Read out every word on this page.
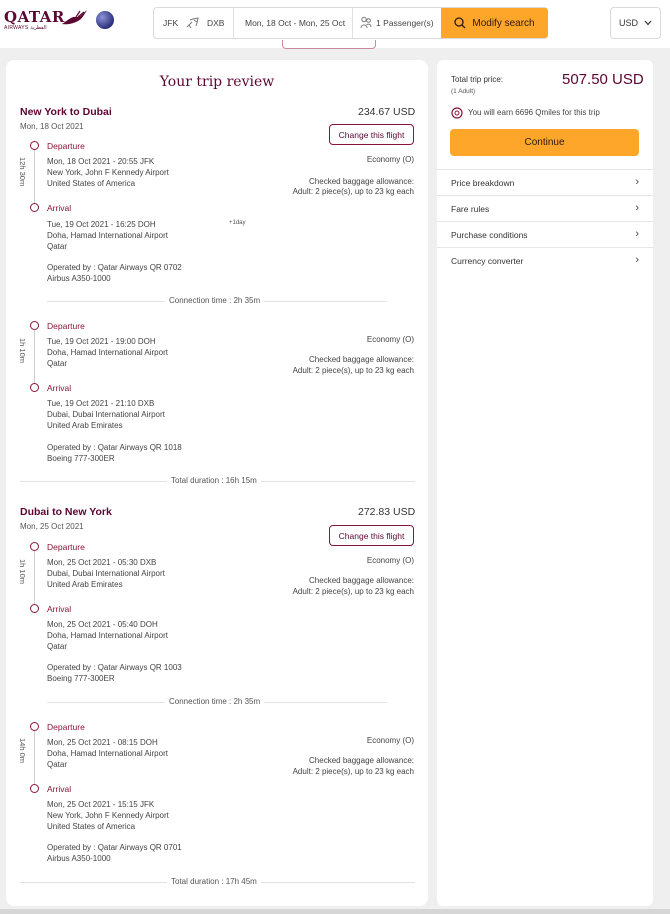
QATAR
AIRWAYS القطرية	JFK	DXB Mon, 18 Oct - Mon, 25 Oct	1 Passenger(s)	Modify search	USD
Your trip review
New York to Dubai
Mon, 18 Oct 2021
234.67 USD
Change this flight
12h 30m
Departure
Mon, 18 Oct 2021 - 20:55 JFK
New York, John F Kennedy Airport
United States of America
Economy (O)
Checked baggage allowance:
Adult: 2 piece(s), up to 23 kg each
Arrival
Tue, 19 Oct 2021 - 16:25 DOH	+1day
Doha, Hamad International Airport
Qatar
Operated by : Qatar Airways QR 0702
Airbus A350-1000
Connection time : 2h 35m
1h 10m
Departure
Tue, 19 Oct 2021 - 19:00 DOH
Doha, Hamad International Airport
Qatar
Economy (O)
Checked baggage allowance:
Adult: 2 piece(s), up to 23 kg each
Arrival
Tue, 19 Oct 2021 - 21:10 DXB
Dubai, Dubai International Airport
United Arab Emirates
Operated by : Qatar Airways QR 1018
Boeing 777-300ER
Total duration : 16h 15m
Dubai to New York
Mon, 25 Oct 2021
272.83 USD
Change this flight
1h 10m
Departure
Mon, 25 Oct 2021 - 05:30 DXB
Dubai, Dubai International Airport
United Arab Emirates
Economy (O)
Checked baggage allowance:
Adult: 2 piece(s), up to 23 kg each
Arrival
Mon, 25 Oct 2021 - 05:40 DOH
Doha, Hamad International Airport
Qatar
Operated by : Qatar Airways QR 1003
Boeing 777-300ER
Connection time : 2h 35m
14h 0m
Departure
Mon, 25 Oct 2021 - 08:15 DOH
Doha, Hamad International Airport
Qatar
Economy (O)
Checked baggage allowance:
Adult: 2 piece(s), up to 23 kg each
Arrival
Mon, 25 Oct 2021 - 15:15 JFK
New York, John F Kennedy Airport
United States of America
Operated by : Qatar Airways QR 0701
Airbus A350-1000
Total duration : 17h 45m
Total trip price:
(1 Adult)
507.50 USD
You will earn 6696 Qmiles for this trip
Continue
Price breakdown	›
Fare rules	›
Purchase conditions	›
Currency converter	›
